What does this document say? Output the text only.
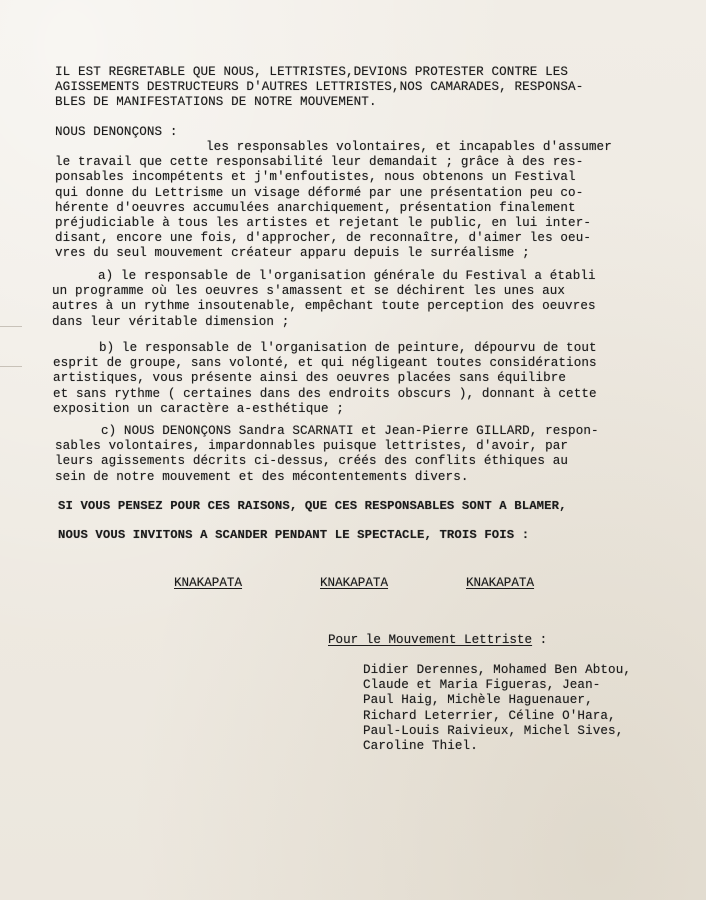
IL EST REGRETABLE QUE NOUS, LETTRISTES,DEVIONS PROTESTER CONTRE LES
AGISSEMENTS DESTRUCTEURS D'AUTRES LETTRISTES,NOS CAMARADES, RESPONSA-
BLES DE MANIFESTATIONS DE NOTRE MOUVEMENT.

NOUS DENONÇONS :

les responsables volontaires, et incapables d'assumer
le travail que cette responsabilité leur demandait ; grâce à des res-
ponsables incompétents et j'm'enfoutistes, nous obtenons un Festival
qui donne du Lettrisme un visage déformé par une présentation peu co-
hérente d'oeuvres accumulées anarchiquement, présentation finalement
préjudiciable à tous les artistes et rejetant le public, en lui inter-
disant, encore une fois, d'approcher, de reconnaître, d'aimer les oeu-
vres du seul mouvement créateur apparu depuis le surréalisme ;

a) le responsable de l'organisation générale du Festival a établi
un programme où les oeuvres s'amassent et se déchirent les unes aux
autres à un rythme insoutenable, empêchant toute perception des oeuvres
dans leur véritable dimension ;

b) le responsable de l'organisation de peinture, dépourvu de tout
esprit de groupe, sans volonté, et qui négligeant toutes considérations
artistiques, vous présente ainsi des oeuvres placées sans équilibre
et sans rythme ( certaines dans des endroits obscurs ), donnant à cette
exposition un caractère a-esthétique ;

c) NOUS DENONÇONS Sandra SCARNATI et Jean-Pierre GILLARD, respon-
sables volontaires, impardonnables puisque lettristes, d'avoir, par
leurs agissements décrits ci-dessus, créés des conflits éthiques au
sein de notre mouvement et des mécontentements divers.

SI VOUS PENSEZ POUR CES RAISONS, QUE CES RESPONSABLES SONT A BLAMER,

NOUS VOUS INVITONS A SCANDER PENDANT LE SPECTACLE, TROIS FOIS :

KNAKAPATA	KNAKAPATA	KNAKAPATA
Pour le Mouvement Lettriste :

Didier Derennes, Mohamed Ben Abtou,
Claude et Maria Figueras, Jean-
Paul Haig, Michèle Haguenauer,
Richard Leterrier, Céline O'Hara,
Paul-Louis Raivieux, Michel Sives,
Caroline Thiel.
